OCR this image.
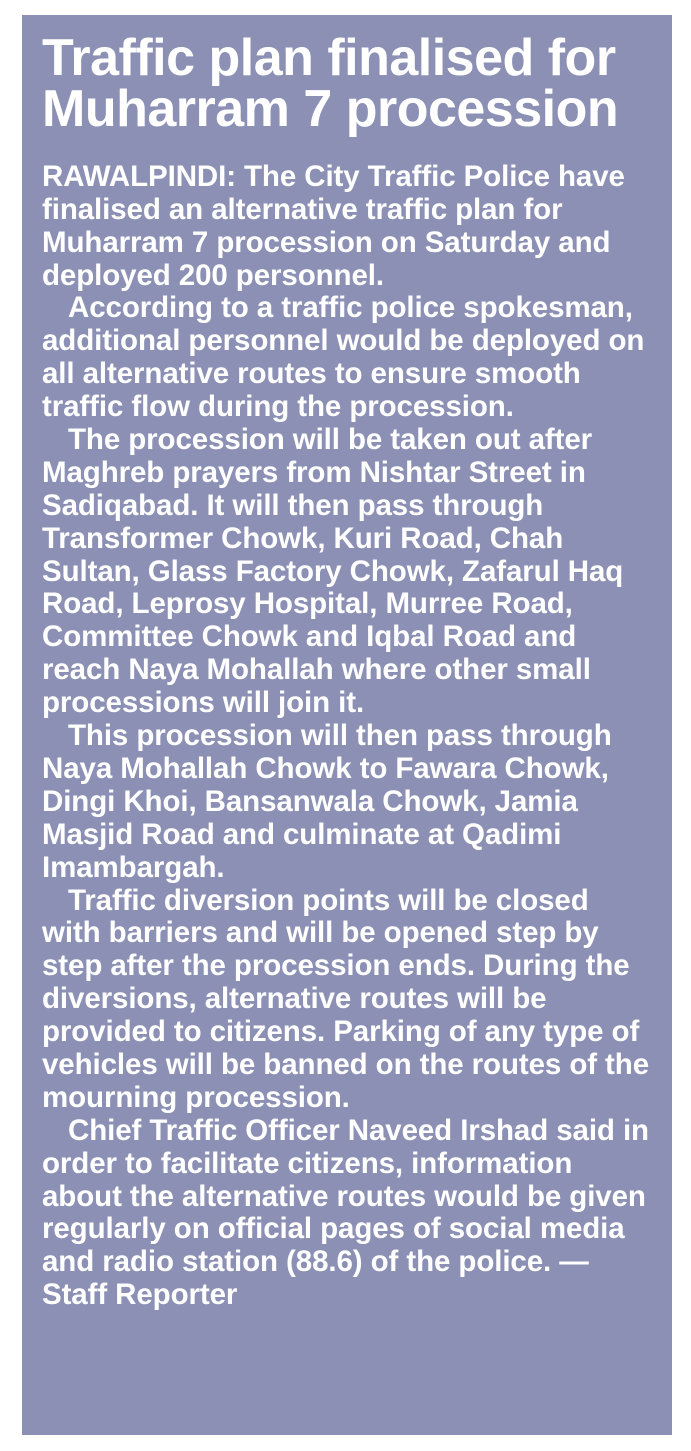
Traffic plan finalised for
Muharram 7 procession

RAWALPINDI: The City Traffic Police have finalised an alternative traffic plan for Muharram 7 procession on Saturday and deployed 200 personnel.

According to a traffic police spokesman, additional personnel would be deployed on all alternative routes to ensure smooth traffic flow during the procession.

The procession will be taken out after Maghreb prayers from Nishtar Street in Sadiqabad. It will then pass through Transformer Chowk, Kuri Road, Chah Sultan, Glass Factory Chowk, Zafarul Haq Road, Leprosy Hospital, Murree Road, Committee Chowk and Iqbal Road and reach Naya Mohallah where other small processions will join it.

This procession will then pass through Naya Mohallah Chowk to Fawara Chowk, Dingi Khoi, Bansanwala Chowk, Jamia Masjid Road and culminate at Qadimi Imambargah.

Traffic diversion points will be closed with barriers and will be opened step by step after the procession ends. During the diversions, alternative routes will be provided to citizens. Parking of any type of vehicles will be banned on the routes of the mourning procession.

Chief Traffic Officer Naveed Irshad said in order to facilitate citizens, information about the alternative routes would be given regularly on official pages of social media and radio station (88.6) of the police. — Staff Reporter
